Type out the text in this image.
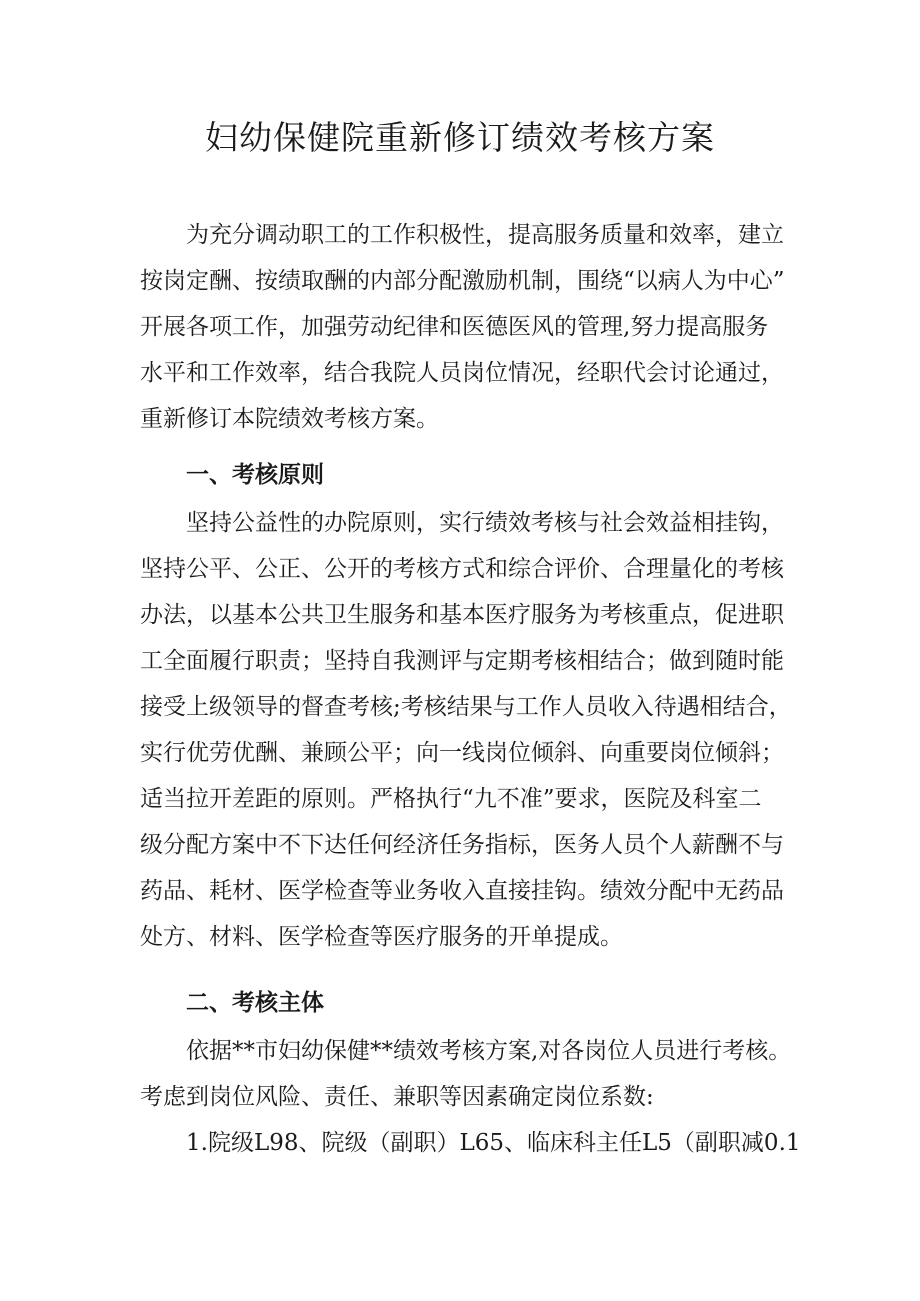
妇幼保健院重新修订绩效考核方案
为充分调动职工的工作积极性，提高服务质量和效率，建立
按岗定酬、按绩取酬的内部分配激励机制，围绕“以病人为中心”
开展各项工作，加强劳动纪律和医德医风的管理,努力提高服务
水平和工作效率，结合我院人员岗位情况，经职代会讨论通过，
重新修订本院绩效考核方案。
一、考核原则
坚持公益性的办院原则，实行绩效考核与社会效益相挂钩，
坚持公平、公正、公开的考核方式和综合评价、合理量化的考核
办法，以基本公共卫生服务和基本医疗服务为考核重点，促进职
工全面履行职责；坚持自我测评与定期考核相结合；做到随时能
接受上级领导的督查考核;考核结果与工作人员收入待遇相结合，
实行优劳优酬、兼顾公平；向一线岗位倾斜、向重要岗位倾斜；
适当拉开差距的原则。严格执行“九不准”要求，医院及科室二
级分配方案中不下达任何经济任务指标，医务人员个人薪酬不与
药品、耗材、医学检查等业务收入直接挂钩。绩效分配中无药品
处方、材料、医学检查等医疗服务的开单提成。
二、考核主体
依据**市妇幼保健**绩效考核方案,对各岗位人员进行考核。
考虑到岗位风险、责任、兼职等因素确定岗位系数:
1.院级L98、院级（副职）L65、临床科主任L5（副职减0.1
